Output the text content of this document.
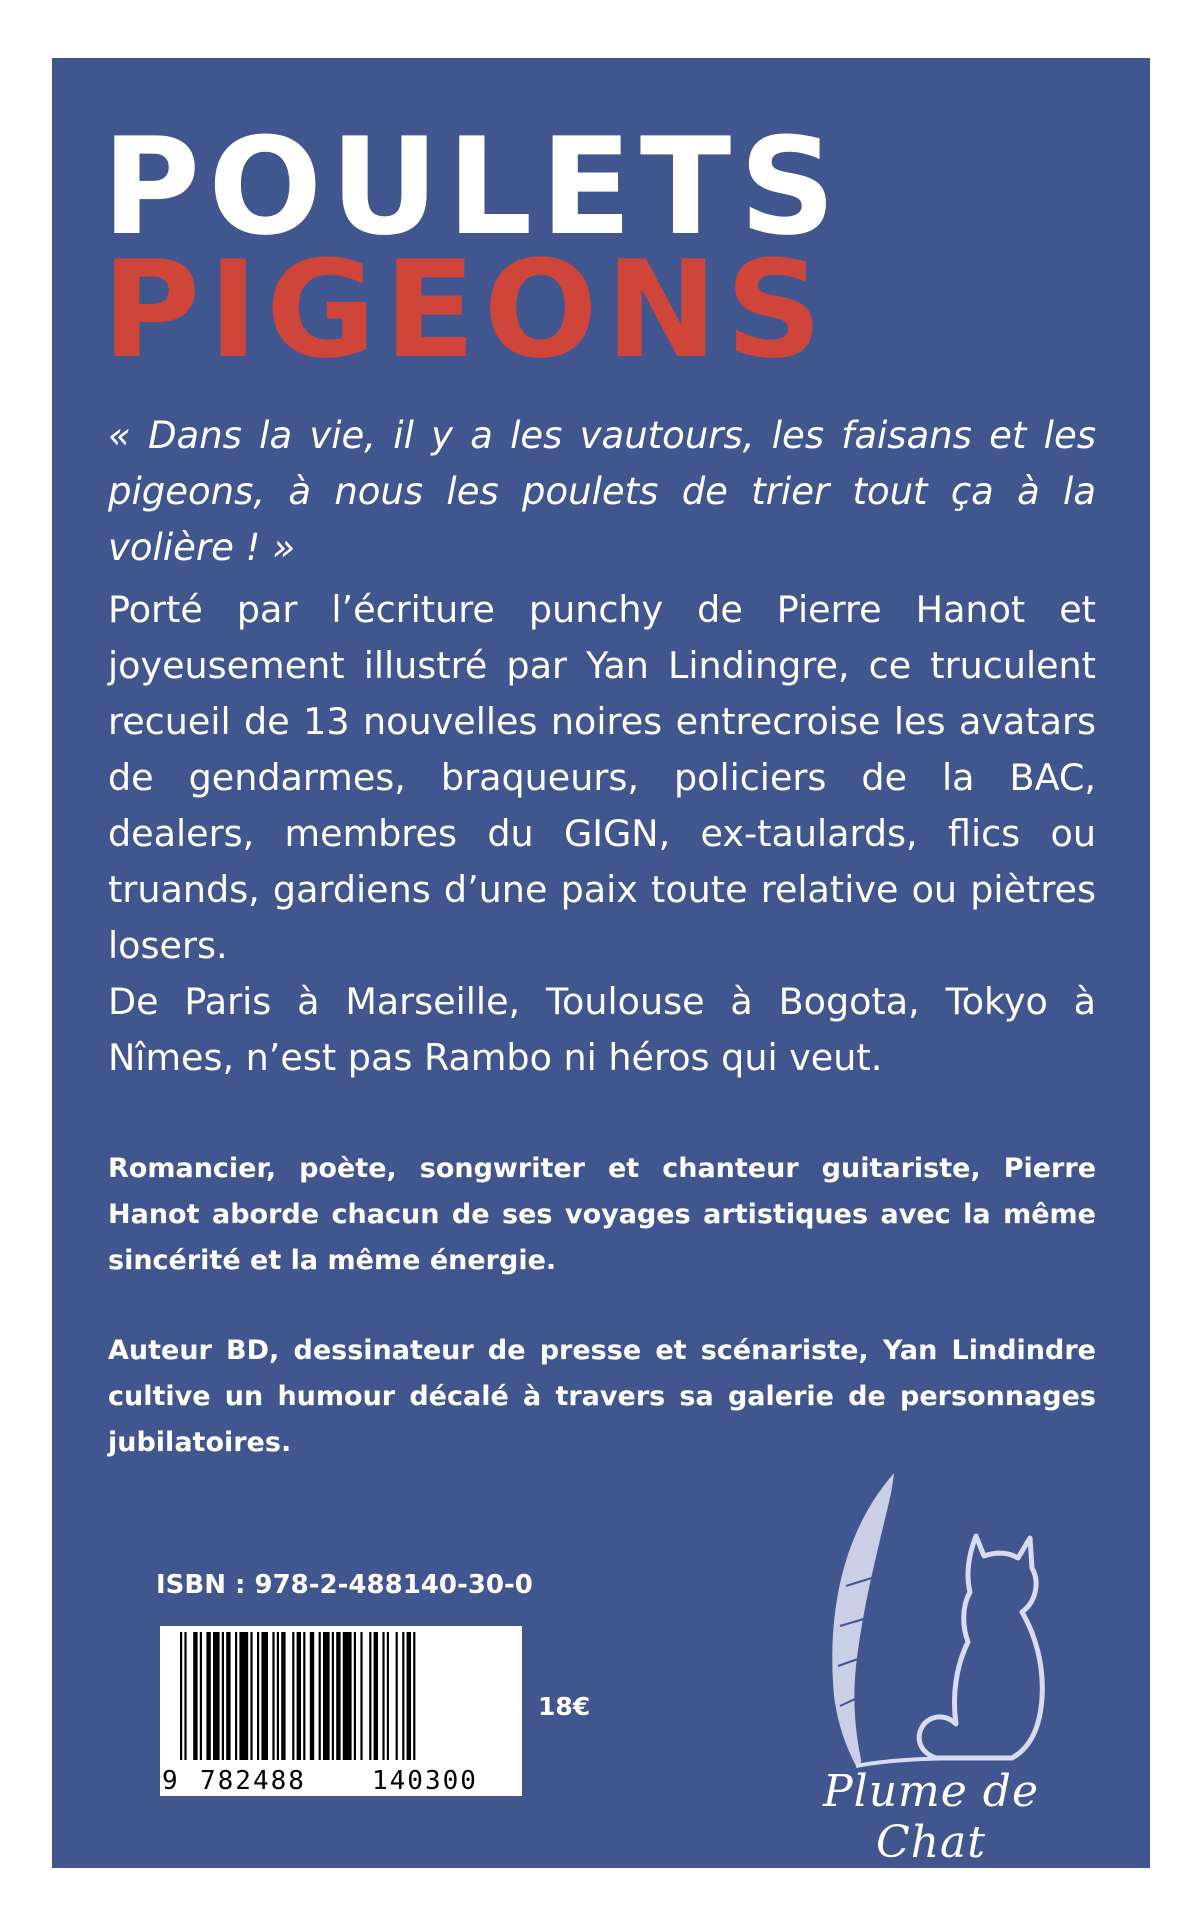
POULETS
PIGEONS

« Dans la vie, il y a les vautours, les faisans et les pigeons, à nous les poulets de trier tout ça à la volière ! »

Porté par l’écriture punchy de Pierre Hanot et joyeusement illustré par Yan Lindingre, ce truculent recueil de 13 nouvelles noires entrecroise les avatars de gendarmes, braqueurs, policiers de la BAC, dealers, membres du GIGN, ex-taulards, flics ou truands, gardiens d’une paix toute relative ou piètres losers.

De Paris à Marseille, Toulouse à Bogota, Tokyo à Nîmes, n’est pas Rambo ni héros qui veut.

Romancier, poète, songwriter et chanteur guitariste, Pierre Hanot aborde chacun de ses voyages artistiques avec la même sincérité et la même énergie.

Auteur BD, dessinateur de presse et scénariste, Yan Lindindre cultive un humour décalé à travers sa galerie de personnages jubilatoires.

ISBN : 978-2-488140-30-0

9 782488	140300

18€

Plume de Chat
